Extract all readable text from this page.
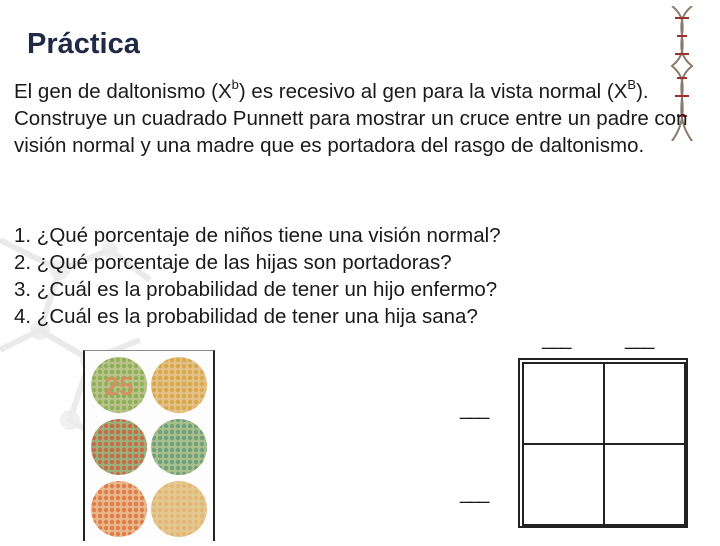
Práctica
El gen de daltonismo $(X^b)$ es recesivo al gen para la vista normal $(X^B)$. Construye un cuadrado Punnett para mostrar un cruce entre un padre con visión normal y una madre que es portadora del rasgo de daltonismo.
1. ¿Qué porcentaje de niños tiene una visión normal?
2. ¿Qué porcentaje de las hijas son portadoras?
3. ¿Cuál es la probabilidad de tener un hijo enfermo?
4. ¿Cuál es la probabilidad de tener una hija sana?
___	___
___
___
25
